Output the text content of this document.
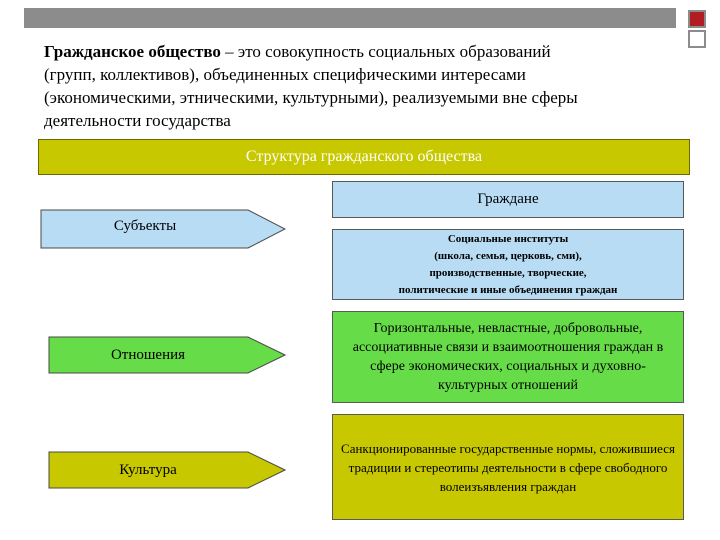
Гражданское общество – это совокупность социальных образований
(групп, коллективов), объединенных специфическими интересами
(экономическими, этническими, культурными), реализуемыми вне сферы
деятельности государства
Структура гражданского общества
Субъекты
Отношения
Культура
Граждане
Социальные институты
(школа, семья, церковь, сми),
производственные, творческие,
политические и иные объединения граждан
Горизонтальные, невластные, добровольные, ассоциативные связи и взаимоотношения граждан в сфере экономических, социальных и духовно-культурных отношений
Санкционированные государственные нормы, сложившиеся традиции и стереотипы деятельности в сфере свободного волеизъявления граждан
